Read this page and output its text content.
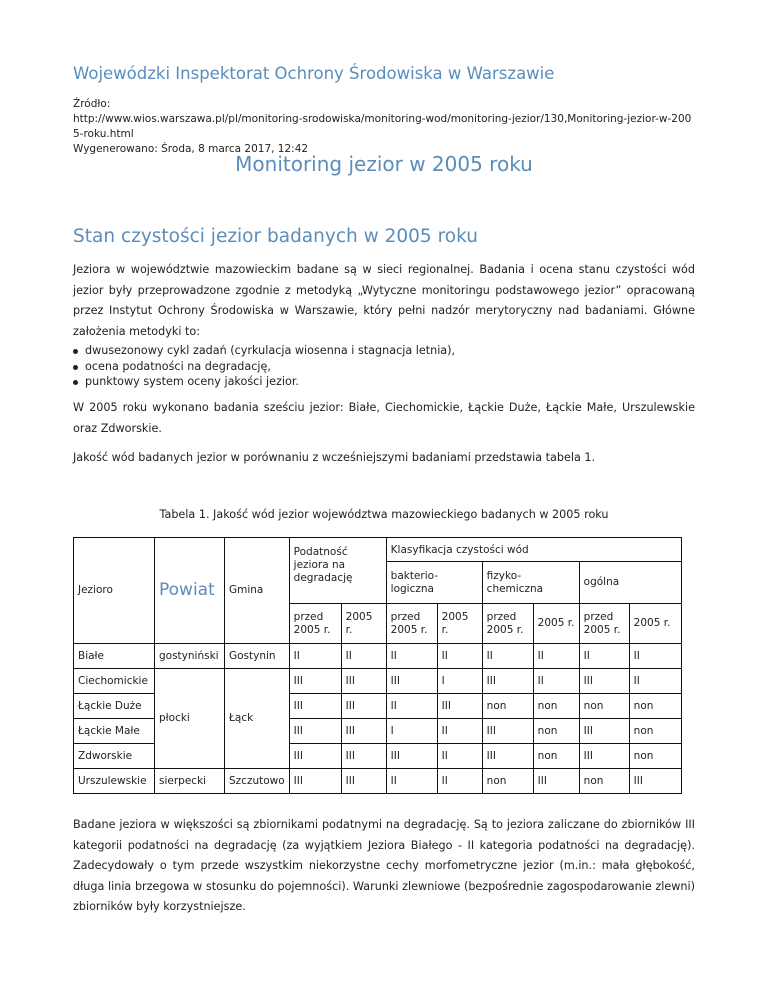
Wojewódzki Inspektorat Ochrony Środowiska w Warszawie
Źródło:
http://www.wios.warszawa.pl/pl/monitoring-srodowiska/monitoring-wod/monitoring-jezior/130,Monitoring-jezior-w-2005-roku.html
Wygenerowano: Środa, 8 marca 2017, 12:42
Monitoring jezior w 2005 roku
Stan czystości jezior badanych w 2005 roku
Jeziora w województwie mazowieckim badane są w sieci regionalnej. Badania i ocena stanu czystości wód jezior były przeprowadzone zgodnie z metodyką „Wytyczne monitoringu podstawowego jezior” opracowaną przez Instytut Ochrony Środowiska w Warszawie, który pełni nadzór merytoryczny nad badaniami. Główne założenia metodyki to:
dwusezonowy cykl zadań (cyrkulacja wiosenna i stagnacja letnia),
ocena podatności na degradację,
punktowy system oceny jakości jezior.
W 2005 roku wykonano badania sześciu jezior: Białe, Ciechomickie, Łąckie Duże, Łąckie Małe, Urszulewskie oraz Zdworskie.
Jakość wód badanych jezior w porównaniu z wcześniejszymi badaniami przedstawia tabela 1.
Tabela 1. Jakość wód jezior województwa mazowieckiego badanych w 2005 roku
Jezioro	Powiat	Gmina	Podatność jeziora na degradację		Klasyfikacja czystości wód					
					bakterio-logiczna		fizyko-chemiczna		ogólna	
			przed 2005 r.	2005 r.	przed 2005 r.	2005 r.	przed 2005 r.	2005 r.	przed 2005 r.	2005 r.
Białe	gostyniński	Gostynin	II	II	II	II	II	II	II	II
Ciechomickie	płocki	Łąck	III	III	III	I	III	II	III	II
Łąckie Duże			III	III	II	III	non	non	non	non
Łąckie Małe			III	III	I	II	III	non	III	non
Zdworskie			III	III	III	II	III	non	III	non
Urszulewskie	sierpecki	Szczutowo	III	III	II	II	non	III	non	III
Badane jeziora w większości są zbiornikami podatnymi na degradację. Są to jeziora zaliczane do zbiorników III kategorii podatności na degradację (za wyjątkiem Jeziora Białego - II kategoria podatności na degradację). Zadecydowały o tym przede wszystkim niekorzystne cechy morfometryczne jezior (m.in.: mała głębokość, długa linia brzegowa w stosunku do pojemności). Warunki zlewniowe (bezpośrednie zagospodarowanie zlewni) zbiorników były korzystniejsze.
